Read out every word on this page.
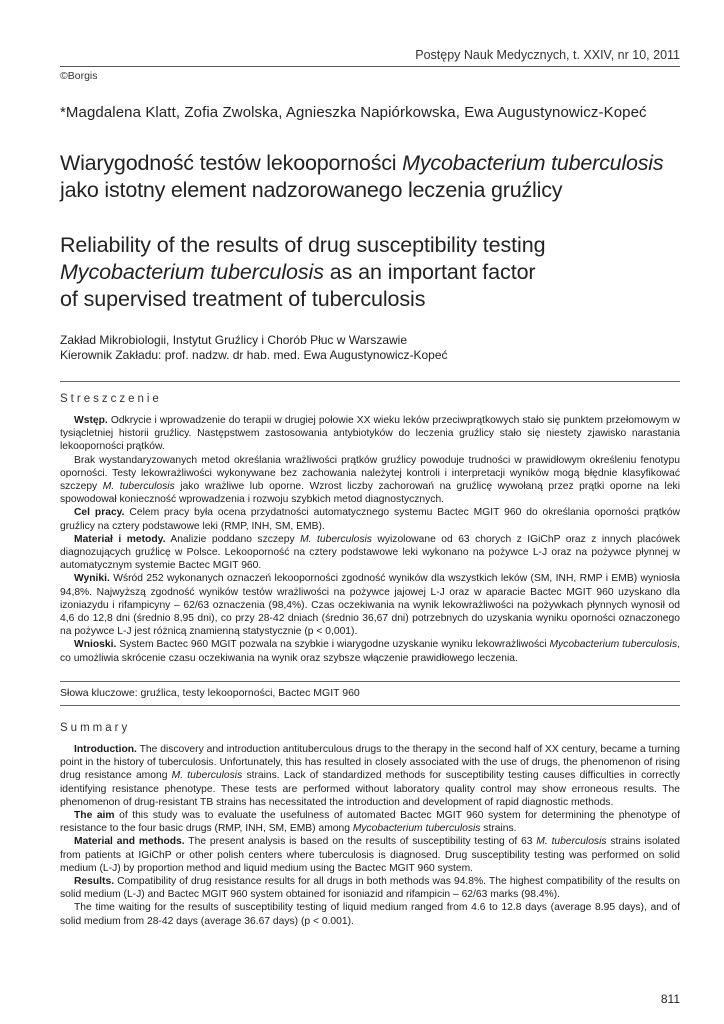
Postępy Nauk Medycznych, t. XXIV, nr 10, 2011
©Borgis
*Magdalena Klatt, Zofia Zwolska, Agnieszka Napiórkowska, Ewa Augustynowicz-Kopeć
Wiarygodność testów lekooporności Mycobacterium tuberculosis
jako istotny element nadzorowanego leczenia gruźlicy
Reliability of the results of drug susceptibility testing
Mycobacterium tuberculosis as an important factor
of supervised treatment of tuberculosis
Zakład Mikrobiologii, Instytut Gruźlicy i Chorób Płuc w Warszawie
Kierownik Zakładu: prof. nadzw. dr hab. med. Ewa Augustynowicz-Kopeć
Streszczenie

Wstęp. Odkrycie i wprowadzenie do terapii w drugiej połowie XX wieku leków przeciwprątkowych stało się punktem przełomowym w tysiącletniej historii gruźlicy. Następstwem zastosowania antybiotyków do leczenia gruźlicy stało się niestety zjawisko narastania lekooporności prątków.

Brak wystandaryzowanych metod określania wrażliwości prątków gruźlicy powoduje trudności w prawidłowym określeniu fenotypu oporności. Testy lekowrażliwości wykonywane bez zachowania należytej kontroli i interpretacji wyników mogą błędnie klasyfikować szczepy M. tuberculosis jako wrażliwe lub oporne. Wzrost liczby zachorowań na gruźlicę wywołaną przez prątki oporne na leki spowodował konieczność wprowadzenia i rozwoju szybkich metod diagnostycznych.

Cel pracy. Celem pracy była ocena przydatności automatycznego systemu Bactec MGIT 960 do określania oporności prątków gruźlicy na cztery podstawowe leki (RMP, INH, SM, EMB).

Materiał i metody. Analizie poddano szczepy M. tuberculosis wyizolowane od 63 chorych z IGiChP oraz z innych placówek diagnozujących gruźlicę w Polsce. Lekooporność na cztery podstawowe leki wykonano na pożywce L-J oraz na pożywce płynnej w automatycznym systemie Bactec MGIT 960.

Wyniki. Wśród 252 wykonanych oznaczeń lekooporności zgodność wyników dla wszystkich leków (SM, INH, RMP i EMB) wyniosła 94,8%. Najwyższą zgodność wyników testów wrażliwości na pożywce jajowej L-J oraz w aparacie Bactec MGIT 960 uzyskano dla izoniazydu i rifampicyny – 62/63 oznaczenia (98,4%). Czas oczekiwania na wynik lekowrażliwości na pożywkach płynnych wynosił od 4,6 do 12,8 dni (średnio 8,95 dni), co przy 28-42 dniach (średnio 36,67 dni) potrzebnych do uzyskania wyniku oporności oznaczonego na pożywce L-J jest różnicą znamienną statystycznie (p < 0,001).

Wnioski. System Bactec 960 MGIT pozwala na szybkie i wiarygodne uzyskanie wyniku lekowrażliwości Mycobacterium tuberculosis, co umożliwia skrócenie czasu oczekiwania na wynik oraz szybsze włączenie prawidłowego leczenia.

Słowa kluczowe: gruźlica, testy lekooporności, Bactec MGIT 960
Summary

Introduction. The discovery and introduction antituberculous drugs to the therapy in the second half of XX century, became a turning point in the history of tuberculosis. Unfortunately, this has resulted in closely associated with the use of drugs, the phenomenon of rising drug resistance among M. tuberculosis strains. Lack of standardized methods for susceptibility testing causes difficulties in correctly identifying resistance phenotype. These tests are performed without laboratory quality control may show erroneous results. The phenomenon of drug-resistant TB strains has necessitated the introduction and development of rapid diagnostic methods.

The aim of this study was to evaluate the usefulness of automated Bactec MGIT 960 system for determining the phenotype of resistance to the four basic drugs (RMP, INH, SM, EMB) among Mycobacterium tuberculosis strains.

Material and methods. The present analysis is based on the results of susceptibility testing of 63 M. tuberculosis strains isolated from patients at IGiChP or other polish centers where tuberculosis is diagnosed. Drug susceptibility testing was performed on solid medium (L-J) by proportion method and liquid medium using the Bactec MGIT 960 system.

Results. Compatibility of drug resistance results for all drugs in both methods was 94.8%. The highest compatibility of the results on solid medium (L-J) and Bactec MGIT 960 system obtained for isoniazid and rifampicin – 62/63 marks (98.4%).

The time waiting for the results of susceptibility testing of liquid medium ranged from 4.6 to 12.8 days (average 8.95 days), and of solid medium from 28-42 days (average 36.67 days) (p < 0.001).

811
